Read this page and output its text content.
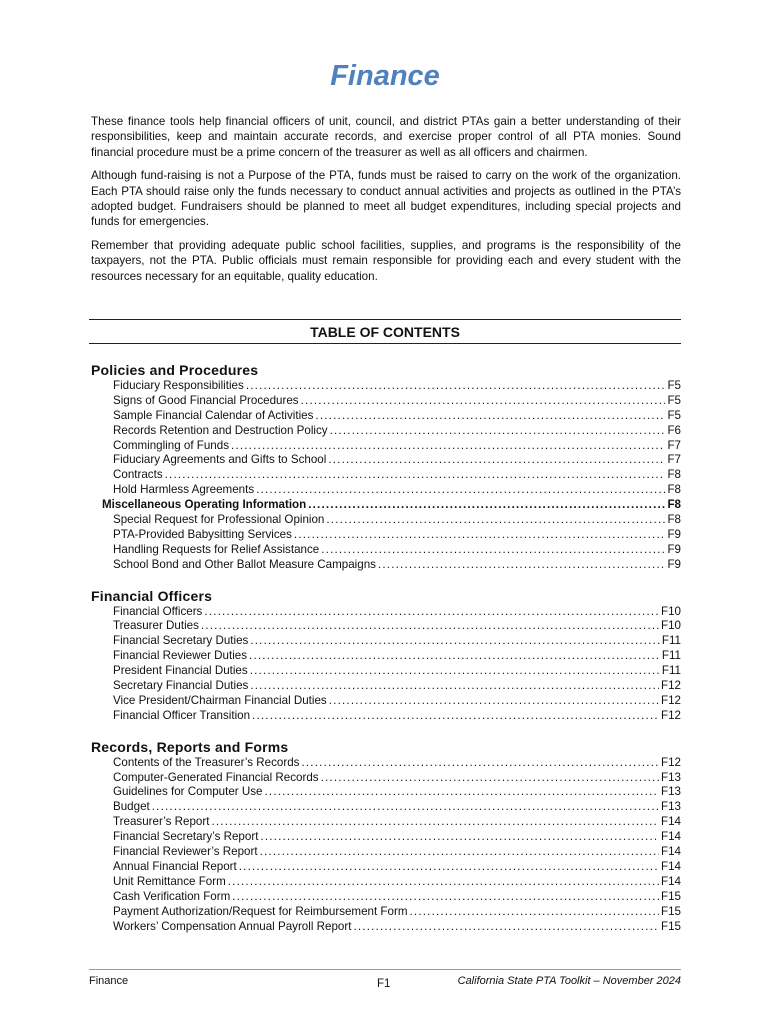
Finance

These finance tools help financial officers of unit, council, and district PTAs gain a better understanding of their responsibilities, keep and maintain accurate records, and exercise proper control of all PTA monies. Sound financial procedure must be a prime concern of the treasurer as well as all officers and chairmen.

Although fund-raising is not a Purpose of the PTA, funds must be raised to carry on the work of the organization. Each PTA should raise only the funds necessary to conduct annual activities and projects as outlined in the PTA’s adopted budget. Fundraisers should be planned to meet all budget expenditures, including special projects and funds for emergencies.

Remember that providing adequate public school facilities, supplies, and programs is the responsibility of the taxpayers, not the PTA. Public officials must remain responsible for providing each and every student with the resources necessary for an equitable, quality education.

TABLE OF CONTENTS
Policies and Procedures
Fiduciary Responsibilities .....	F5
Signs of Good Financial Procedures .....	F5
Sample Financial Calendar of Activities .....	F5
Records Retention and Destruction Policy .....	F6
Commingling of Funds .....	F7
Fiduciary Agreements and Gifts to School .....	F7
Contracts .....	F8
Hold Harmless Agreements .....	F8
Miscellaneous Operating Information .....	F8
Special Request for Professional Opinion .....	F8
PTA-Provided Babysitting Services .....	F9
Handling Requests for Relief Assistance .....	F9
School Bond and Other Ballot Measure Campaigns .....	F9
Financial Officers
Financial Officers .....	F10
Treasurer Duties .....	F10
Financial Secretary Duties .....	F11
Financial Reviewer Duties .....	F11
President Financial Duties .....	F11
Secretary Financial Duties .....	F12
Vice President/Chairman Financial Duties .....	F12
Financial Officer Transition .....	F12
Records, Reports and Forms
Contents of the Treasurer’s Records .....	F12
Computer-Generated Financial Records .....	F13
Guidelines for Computer Use .....	F13
Budget .....	F13
Treasurer’s Report .....	F14
Financial Secretary’s Report .....	F14
Financial Reviewer’s Report .....	F14
Annual Financial Report .....	F14
Unit Remittance Form .....	F14
Cash Verification Form .....	F15
Payment Authorization/Request for Reimbursement Form .....	F15
Workers’ Compensation Annual Payroll Report .....	F15
Finance	F1	California State PTA Toolkit – November 2024
